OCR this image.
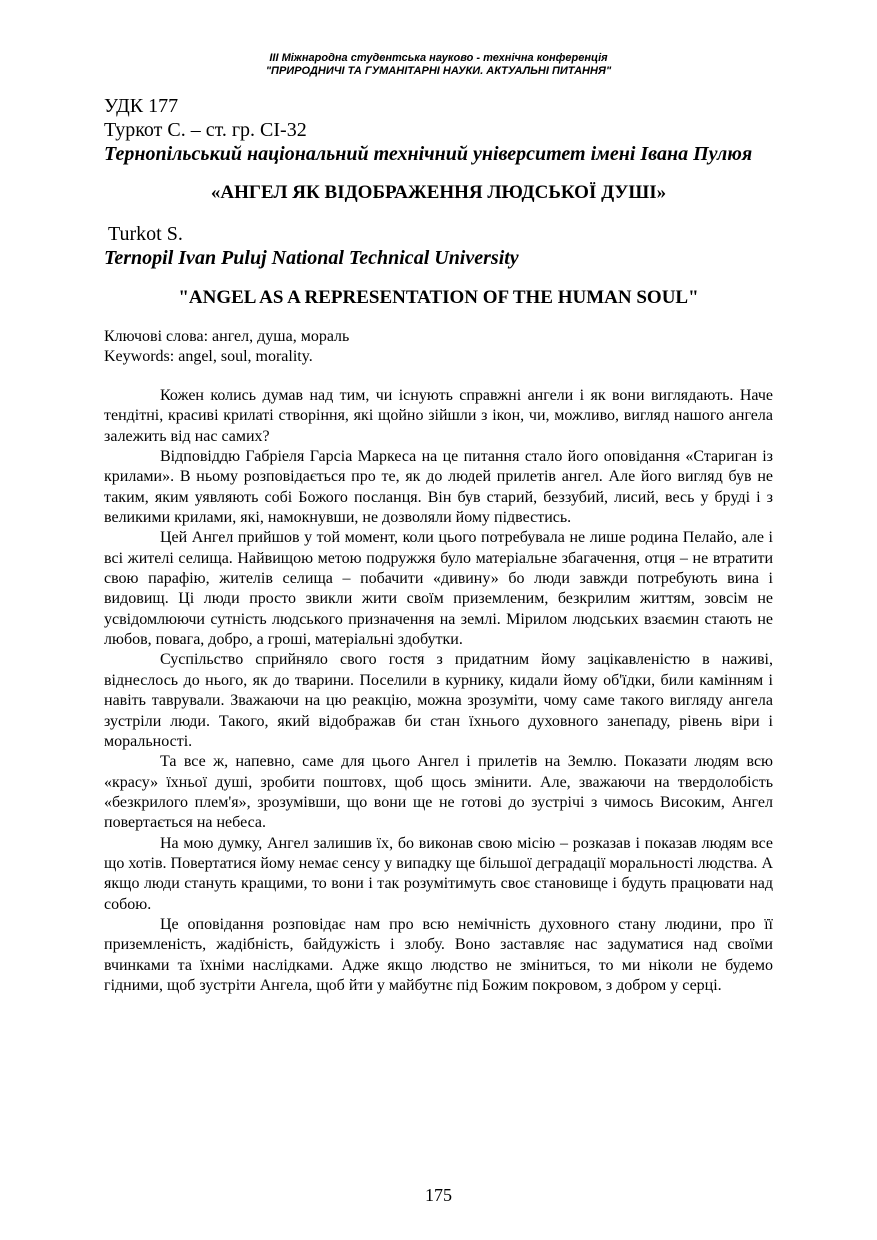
III Міжнародна студентська науково - технічна конференція
"ПРИРОДНИЧІ ТА ГУМАНІТАРНІ НАУКИ. АКТУАЛЬНІ ПИТАННЯ"
УДК 177
Туркот С. – ст. гр. СІ-32
Тернопільський національний технічний університет імені Івана Пулюя
«АНГЕЛ ЯК ВІДОБРАЖЕННЯ ЛЮДСЬКОЇ ДУШІ»
Turkot S.
Ternopil Ivan Puluj National Technical University
"ANGEL AS A REPRESENTATION OF THE HUMAN SOUL"
Ключові слова: ангел, душа, мораль
Keywords: angel, soul, morality.

Кожен колись думав над тим, чи існують справжні ангели і як вони виглядають. Наче тендітні, красиві крилаті створіння, які щойно зійшли з ікон, чи, можливо, вигляд нашого ангела залежить від нас самих?

Відповіддю Габріеля Гарсіа Маркеса на це питання стало його оповідання «Стариган із крилами». В ньому розповідається про те, як до людей прилетів ангел. Але його вигляд був не таким, яким уявляють собі Божого посланця. Він був старий, беззубий, лисий, весь у бруді і з великими крилами, які, намокнувши, не дозволяли йому підвестись.

Цей Ангел прийшов у той момент, коли цього потребувала не лише родина Пелайо, але і всі жителі селища. Найвищою метою подружжя було матеріальне збагачення, отця – не втратити свою парафію, жителів селища – побачити «дивину» бо люди завжди потребують вина і видовищ. Ці люди просто звикли жити своїм приземленим, безкрилим життям, зовсім не усвідомлюючи сутність людського призначення на землі. Мірилом людських взаємин стають не любов, повага, добро, а гроші, матеріальні здобутки.

Суспільство сприйняло свого гостя з придатним йому зацікавленістю в наживі, віднеслось до нього, як до тварини. Поселили в курнику, кидали йому об'їдки, били камінням і навіть таврували. Зважаючи на цю реакцію, можна зрозуміти, чому саме такого вигляду ангела зустріли люди. Такого, який відображав би стан їхнього духовного занепаду, рівень віри і моральності.

Та все ж, напевно, саме для цього Ангел і прилетів на Землю. Показати людям всю «красу» їхньої душі, зробити поштовх, щоб щось змінити. Але, зважаючи на твердолобість «безкрилого плем'я», зрозумівши, що вони ще не готові до зустрічі з чимось Високим, Ангел повертається на небеса.

На мою думку, Ангел залишив їх, бо виконав свою місію – розказав і показав людям все що хотів. Повертатися йому немає сенсу у випадку ще більшої деградації моральності людства. А якщо люди стануть кращими, то вони і так розумітимуть своє становище і будуть працювати над собою.

Це оповідання розповідає нам про всю немічність духовного стану людини, про її приземленість, жадібність, байдужість і злобу. Воно заставляє нас задуматися над своїми вчинками та їхніми наслідками. Адже якщо людство не зміниться, то ми ніколи не будемо гідними, щоб зустріти Ангела, щоб йти у майбутнє під Божим покровом, з добром у серці.

175
